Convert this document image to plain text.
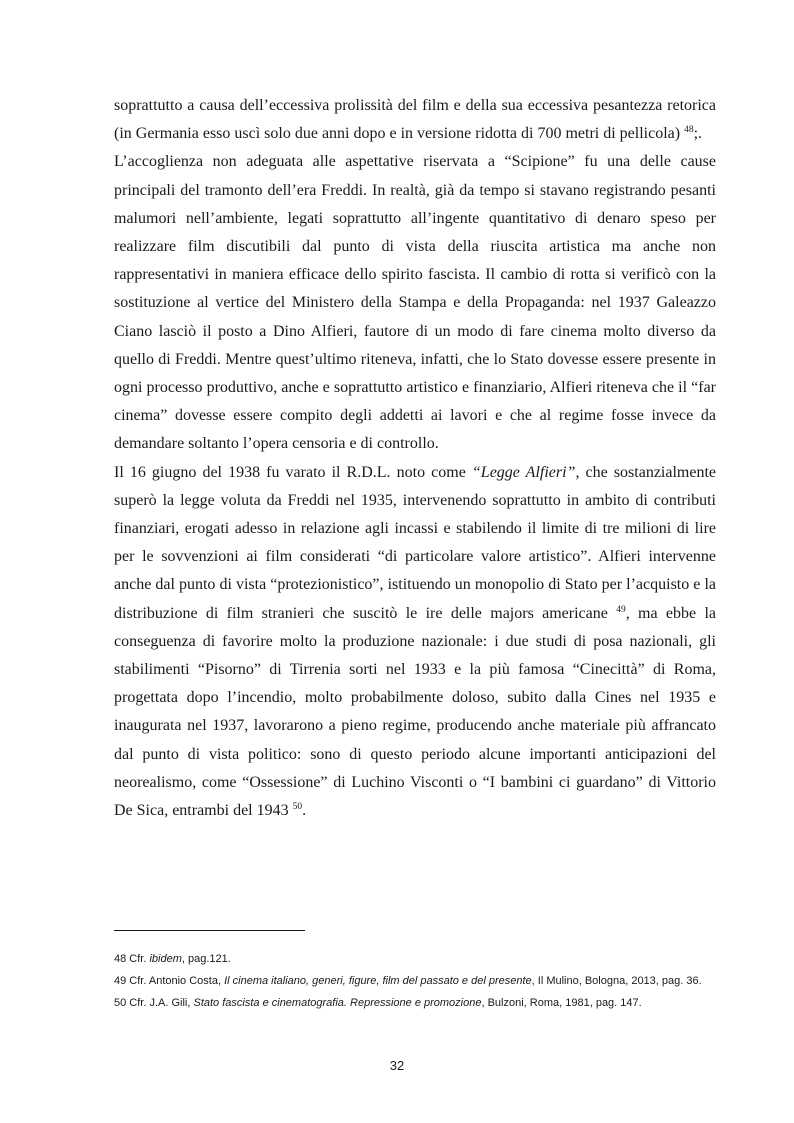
soprattutto a causa dell’eccessiva prolissità del film e della sua eccessiva pesantezza retorica (in Germania esso uscì solo due anni dopo e in versione ridotta di 700 metri di pellicola) $^{48}$;.

L’accoglienza non adeguata alle aspettative riservata a “Scipione” fu una delle cause principali del tramonto dell’era Freddi. In realtà, già da tempo si stavano registrando pesanti malumori nell’ambiente, legati soprattutto all’ingente quantitativo di denaro speso per realizzare film discutibili dal punto di vista della riuscita artistica ma anche non rappresentativi in maniera efficace dello spirito fascista. Il cambio di rotta si verificò con la sostituzione al vertice del Ministero della Stampa e della Propaganda: nel 1937 Galeazzo Ciano lasciò il posto a Dino Alfieri, fautore di un modo di fare cinema molto diverso da quello di Freddi. Mentre quest’ultimo riteneva, infatti, che lo Stato dovesse essere presente in ogni processo produttivo, anche e soprattutto artistico e finanziario, Alfieri riteneva che il “far cinema” dovesse essere compito degli addetti ai lavori e che al regime fosse invece da demandare soltanto l’opera censoria e di controllo.

Il 16 giugno del 1938 fu varato il R.D.L. noto come “Legge Alfieri”, che sostanzialmente superò la legge voluta da Freddi nel 1935, intervenendo soprattutto in ambito di contributi finanziari, erogati adesso in relazione agli incassi e stabilendo il limite di tre milioni di lire per le sovvenzioni ai film considerati “di particolare valore artistico”. Alfieri intervenne anche dal punto di vista “protezionistico”, istituendo un monopolio di Stato per l’acquisto e la distribuzione di film stranieri che suscitò le ire delle majors americane $^{49}$, ma ebbe la conseguenza di favorire molto la produzione nazionale: i due studi di posa nazionali, gli stabilimenti “Pisorno” di Tirrenia sorti nel 1933 e la più famosa “Cinecittà” di Roma, progettata dopo l’incendio, molto probabilmente doloso, subito dalla Cines nel 1935 e inaugurata nel 1937, lavorarono a pieno regime, producendo anche materiale più affrancato dal punto di vista politico: sono di questo periodo alcune importanti anticipazioni del neorealismo, come “Ossessione” di Luchino Visconti o “I bambini ci guardano” di Vittorio De Sica, entrambi del 1943 $^{50}$.

48 Cfr. ibidem, pag.121.

49 Cfr. Antonio Costa, Il cinema italiano, generi, figure, film del passato e del presente, Il Mulino, Bologna, 2013, pag. 36.

50 Cfr. J.A. Gili, Stato fascista e cinematografia. Repressione e promozione, Bulzoni, Roma, 1981, pag. 147.

32
